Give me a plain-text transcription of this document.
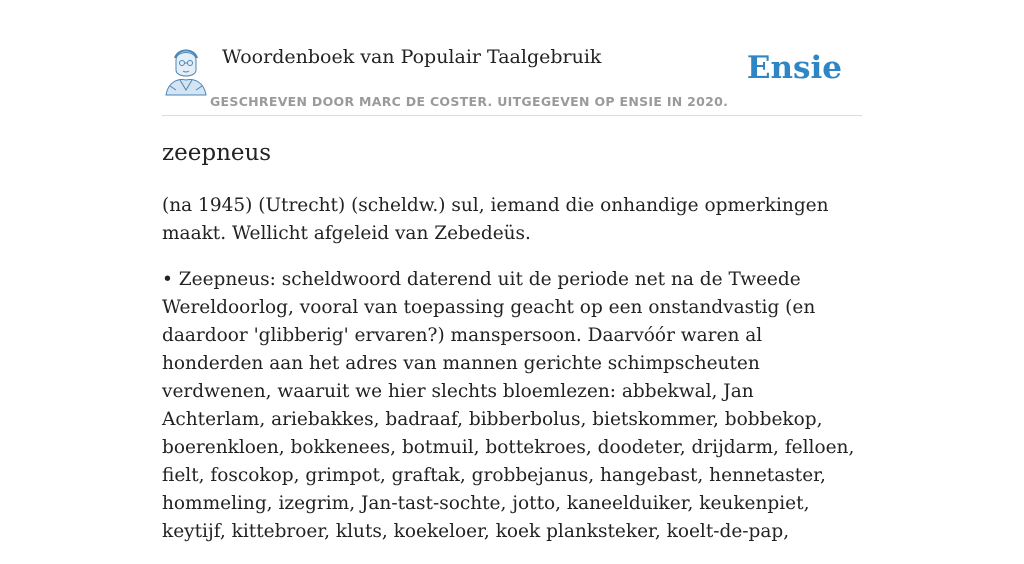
Woordenboek van Populair Taalgebruik
GESCHREVEN DOOR MARC DE COSTER. UITGEGEVEN OP ENSIE IN 2020.
Ensie
zeepneus

(na 1945) (Utrecht) (scheldw.) sul, iemand die onhandige opmerkingen maakt. Wellicht afgeleid van Zebedeüs.

• Zeepneus: scheldwoord daterend uit de periode net na de Tweede Wereldoorlog, vooral van toepassing geacht op een onstandvastig (en daardoor 'glibberig' ervaren?) manspersoon. Daarvóór waren al honderden aan het adres van mannen gerichte schimpscheuten verdwenen, waaruit we hier slechts bloemlezen: abbekwal, Jan Achterlam, ariebakkes, badraaf, bibberbolus, bietskommer, bobbekop, boerenkloen, bokkenees, botmuil, bottekroes, doodeter, drijdarm, felloen, fielt, foscokop, grimpot, graftak, grobbejanus, hangebast, hennetaster, hommeling, izegrim, Jan-tast-sochte, jotto, kaneelduiker, keukenpiet, keytijf, kittebroer, kluts, koekeloer, koek planksteker, koelt-de-pap,
